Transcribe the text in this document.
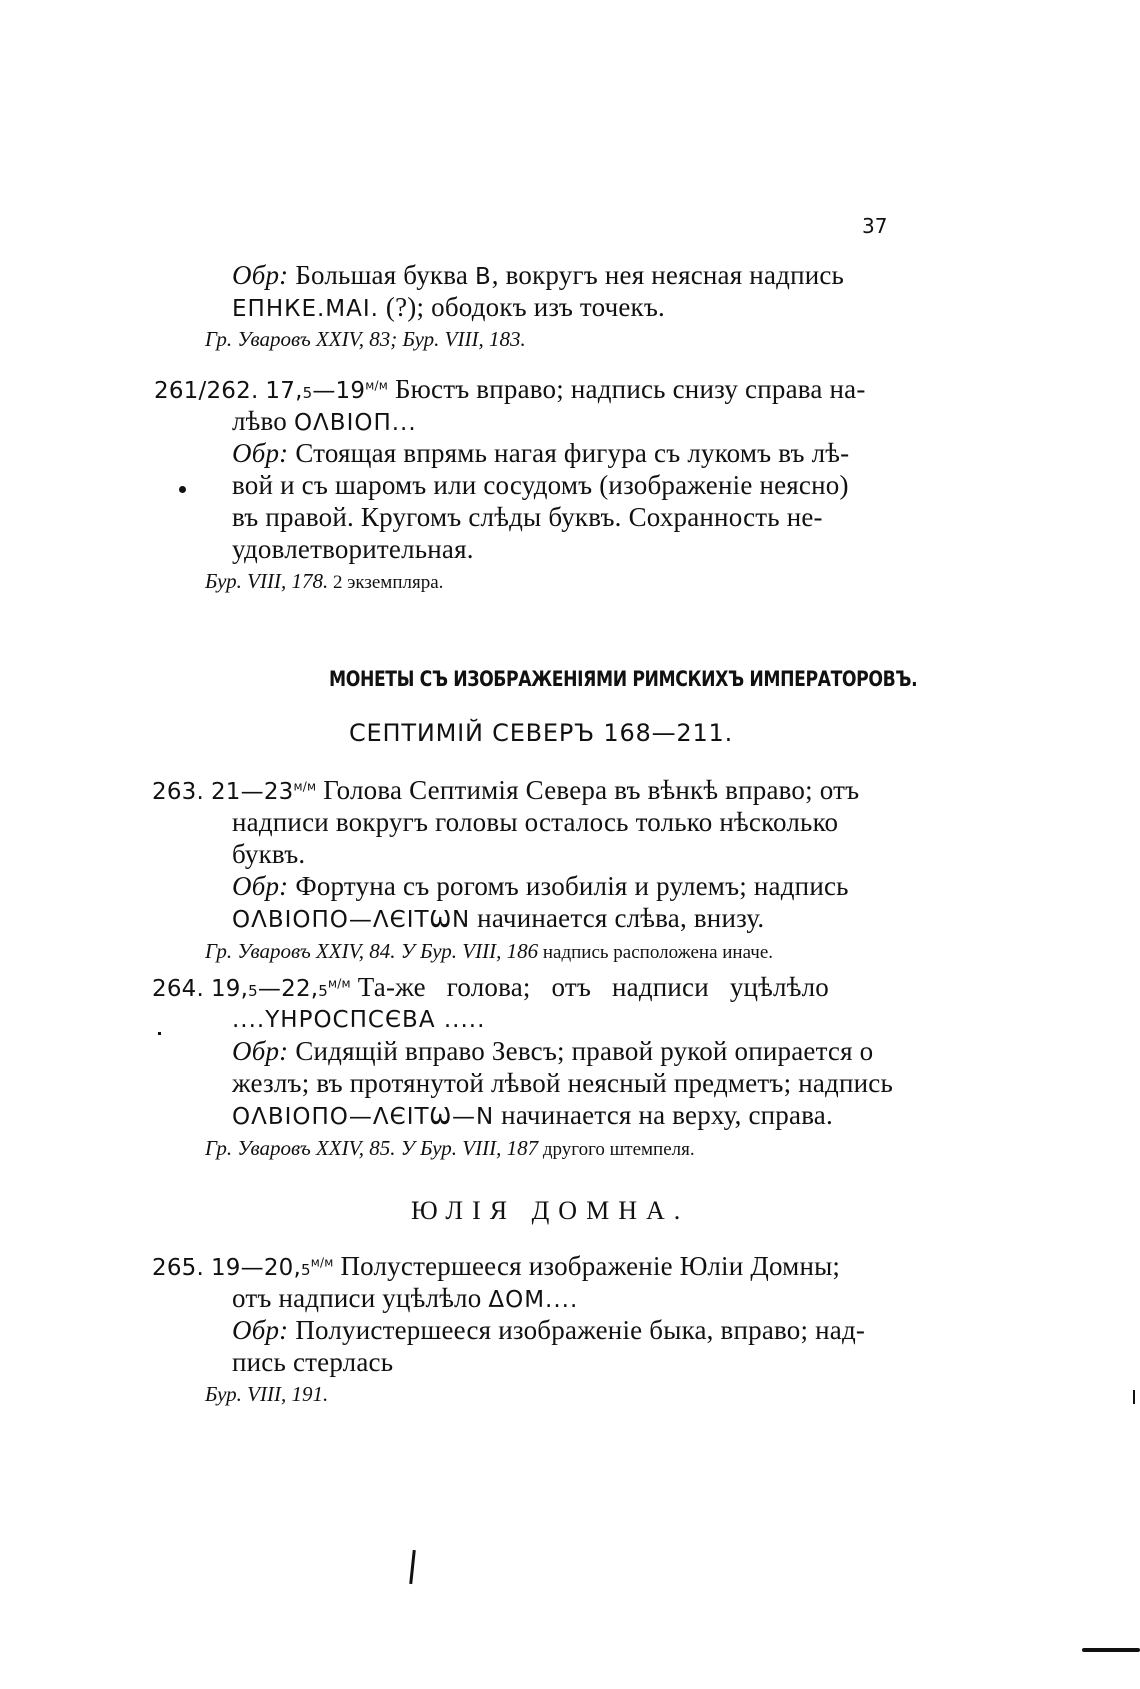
37
Обр: Большая буква B, вокругъ нея неясная надпись
ЕПНКЕ.ΜΑΙ. (?); ободокъ изъ точекъ.
Гр. Уваровъ XXIV, 83; Бур. VIII, 183.
261/262. $17,5—19^{м/м}$ Бюстъ вправо; надпись снизу справа на-
лѣво ΟΛΒΙΟΠ...
Обр: Стоящая впрямь нагая фигура съ лукомъ въ лѣ-
вой и съ шаромъ или сосудомъ (изображеніе неясно)
въ правой. Кругомъ слѣды буквъ. Сохранность не-
удовлетворительная.
Бур. VIII, 178. 2 экземпляра.
МОНЕТЫ СЪ ИЗОБРАЖЕНІЯМИ РИМСКИХЪ ИМПЕРАТОРОВЪ.
СЕПТИМІЙ СЕВЕРЪ 168—211.
263. $21—23^{м/м}$ Голова Септимія Севера въ вѣнкѣ вправо; отъ
надписи вокругъ головы осталось только нѣсколько
буквъ.
Обр: Фортуна съ рогомъ изобилія и рулемъ; надпись
ΟΛΒΙΟΠΟ—ΛЄΙΤѠΝ начинается слѣва, внизу.
Гр. Уваровъ XXIV, 84. У Бур. VIII, 186 надпись расположена иначе.
264. $19,5—22,5^{м/м}$ Та-же голова; отъ надписи уцѣлѣло
....ΥΗΡΟϹΠϹЄΒΑ .....
Обр: Сидящій вправо Зевсъ; правой рукой опирается о
жезлъ; въ протянутой лѣвой неясный предметъ; надпись
ΟΛΒΙΟΠΟ—ΛЄΙΤѠ—Ν начинается на верху, справа.
Гр. Уваровъ XXIV, 85. У Бур. VIII, 187 другого штемпеля.
ЮЛІЯ ДОМНА.
265. $19—20,5^{м/м}$ Полустершееся изображеніе Юліи Домны;
отъ надписи уцѣлѣло ΔΟΜ....
Обр: Полуистершееся изображеніе быка, вправо; над-
пись стерлась
Бур. VIII, 191.
